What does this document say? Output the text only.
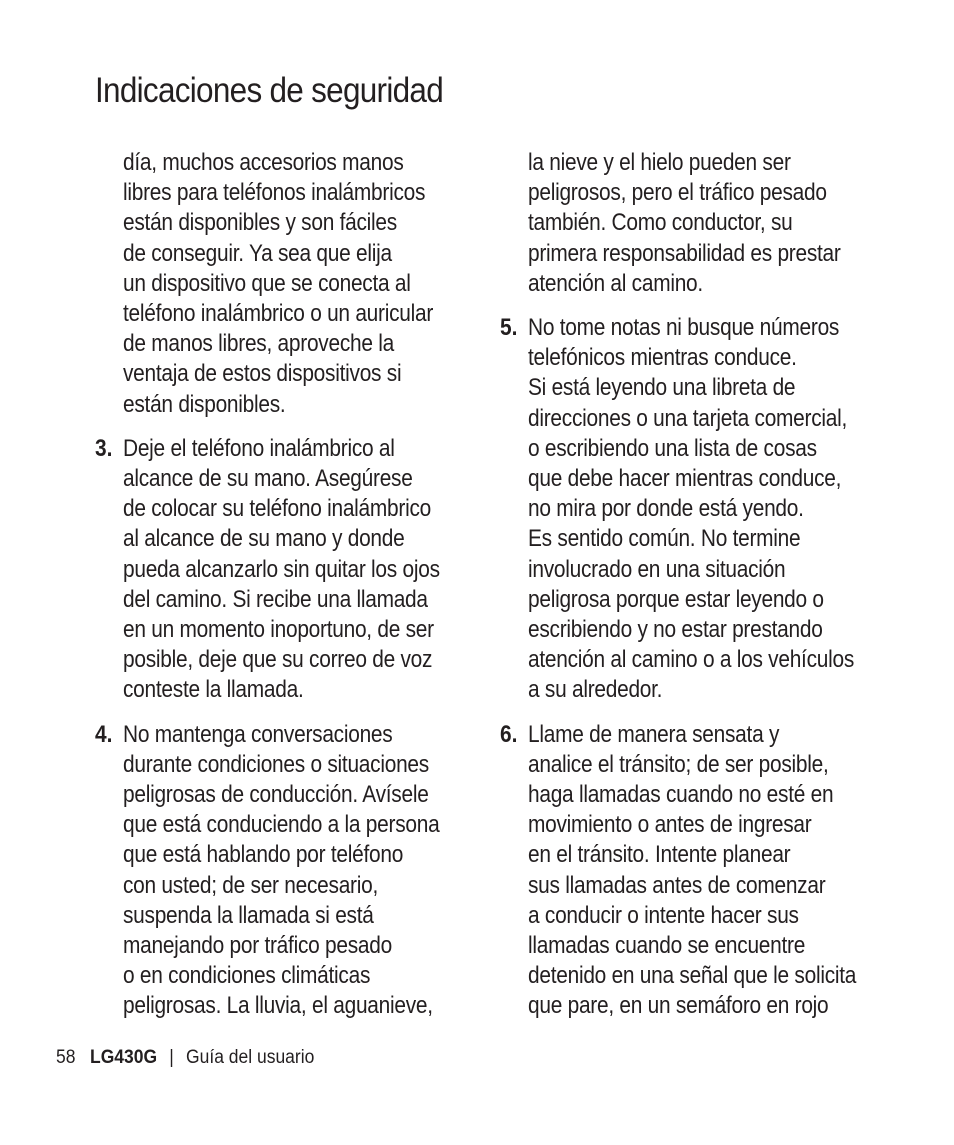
Indicaciones de seguridad
día, muchos accesorios manos
libres para teléfonos inalámbricos
están disponibles y son fáciles
de conseguir. Ya sea que elija
un dispositivo que se conecta al
teléfono inalámbrico o un auricular
de manos libres, aproveche la
ventaja de estos dispositivos si
están disponibles.
3. Deje el teléfono inalámbrico al
alcance de su mano. Asegúrese
de colocar su teléfono inalámbrico
al alcance de su mano y donde
pueda alcanzarlo sin quitar los ojos
del camino. Si recibe una llamada
en un momento inoportuno, de ser
posible, deje que su correo de voz
conteste la llamada.
4. No mantenga conversaciones
durante condiciones o situaciones
peligrosas de conducción. Avísele
que está conduciendo a la persona
que está hablando por teléfono
con usted; de ser necesario,
suspenda la llamada si está
manejando por tráfico pesado
o en condiciones climáticas
peligrosas. La lluvia, el aguanieve,
la nieve y el hielo pueden ser
peligrosos, pero el tráfico pesado
también. Como conductor, su
primera responsabilidad es prestar
atención al camino.
5. No tome notas ni busque números
telefónicos mientras conduce.
Si está leyendo una libreta de
direcciones o una tarjeta comercial,
o escribiendo una lista de cosas
que debe hacer mientras conduce,
no mira por donde está yendo.
Es sentido común. No termine
involucrado en una situación
peligrosa porque estar leyendo o
escribiendo y no estar prestando
atención al camino o a los vehículos
a su alrededor.
6. Llame de manera sensata y
analice el tránsito; de ser posible,
haga llamadas cuando no esté en
movimiento o antes de ingresar
en el tránsito. Intente planear
sus llamadas antes de comenzar
a conducir o intente hacer sus
llamadas cuando se encuentre
detenido en una señal que le solicita
que pare, en un semáforo en rojo
58 LG430G | Guía del usuario
